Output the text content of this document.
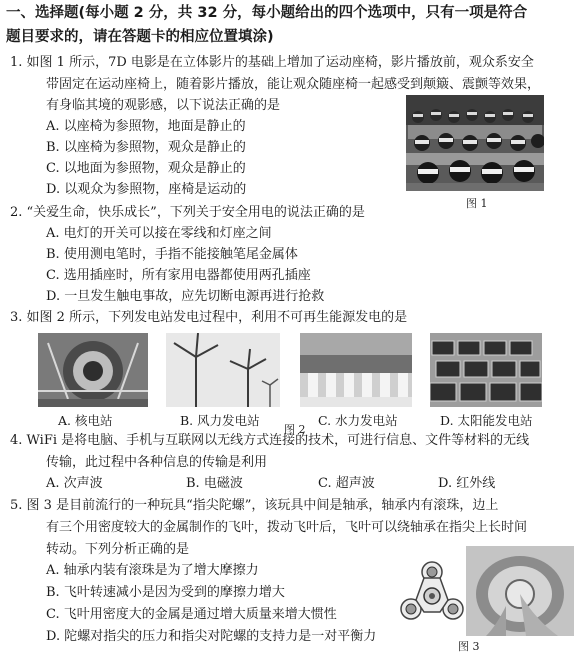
一、选择题(每小题 2 分，共 32 分，每小题给出的四个选项中，只有一项是符合
题目要求的，请在答题卡的相应位置填涂)
1. 如图 1 所示，7D 电影是在立体影片的基础上增加了运动座椅，影片播放前，观众系安全
带固定在运动座椅上，随着影片播放，能让观众随座椅一起感受到颠簸、震颤等效果，
有身临其境的观影感，以下说法正确的是
A. 以座椅为参照物，地面是静止的
B. 以座椅为参照物，观众是静止的
C. 以地面为参照物，观众是静止的
D. 以观众为参照物，座椅是运动的
图 1
2. “关爱生命，快乐成长”，下列关于安全用电的说法正确的是
A. 电灯的开关可以接在零线和灯座之间
B. 使用测电笔时，手指不能接触笔尾金属体
C. 选用插座时，所有家用电器都使用两孔插座
D. 一旦发生触电事故，应先切断电源再进行抢救
3. 如图 2 所示，下列发电站发电过程中，利用不可再生能源发电的是
A. 核电站	B. 风力发电站
图 2
C. 水力发电站	D. 太阳能发电站
4. WiFi 是将电脑、手机与互联网以无线方式连接的技术，可进行信息、文件等材料的无线
传输，此过程中各种信息的传输是利用
A. 次声波	B. 电磁波	C. 超声波	D. 红外线
5. 图 3 是目前流行的一种玩具“指尖陀螺”，该玩具中间是轴承，轴承内有滚珠，边上
有三个用密度较大的金属制作的飞叶，拨动飞叶后，飞叶可以绕轴承在指尖上长时间
转动。下列分析正确的是
A. 轴承内装有滚珠是为了增大摩擦力
B. 飞叶转速减小是因为受到的摩擦力增大
C. 飞叶用密度大的金属是通过增大质量来增大惯性
D. 陀螺对指尖的压力和指尖对陀螺的支持力是一对平衡力
图 3
